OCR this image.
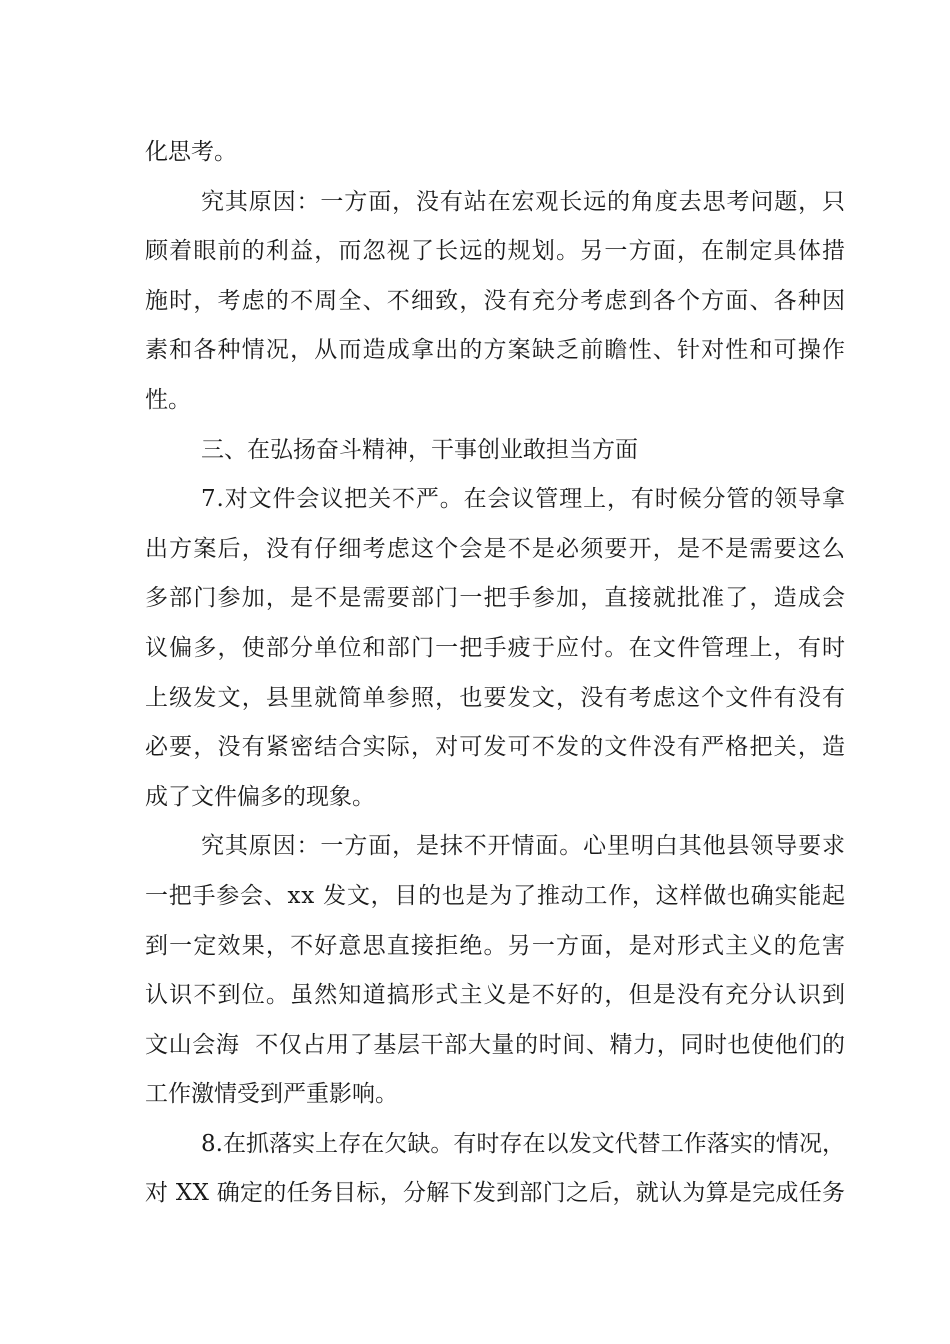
化思考。
究其原因：一方面，没有站在宏观长远的角度去思考问题，只
顾着眼前的利益，而忽视了长远的规划。另一方面，在制定具体措
施时，考虑的不周全、不细致，没有充分考虑到各个方面、各种因
素和各种情况，从而造成拿出的方案缺乏前瞻性、针对性和可操作
性。
三、在弘扬奋斗精神，干事创业敢担当方面
7.对文件会议把关不严。在会议管理上，有时候分管的领导拿
出方案后，没有仔细考虑这个会是不是必须要开，是不是需要这么
多部门参加，是不是需要部门一把手参加，直接就批准了，造成会
议偏多，使部分单位和部门一把手疲于应付。在文件管理上，有时
上级发文，县里就简单参照，也要发文，没有考虑这个文件有没有
必要，没有紧密结合实际，对可发可不发的文件没有严格把关，造
成了文件偏多的现象。
究其原因：一方面，是抹不开情面。心里明白其他县领导要求
一把手参会、xx 发文，目的也是为了推动工作，这样做也确实能起
到一定效果，不好意思直接拒绝。另一方面，是对形式主义的危害
认识不到位。虽然知道搞形式主义是不好的，但是没有充分认识到
文山会海  不仅占用了基层干部大量的时间、精力，同时也使他们的
工作激情受到严重影响。
8.在抓落实上存在欠缺。有时存在以发文代替工作落实的情况，
对 XX 确定的任务目标，分解下发到部门之后，就认为算是完成任务
